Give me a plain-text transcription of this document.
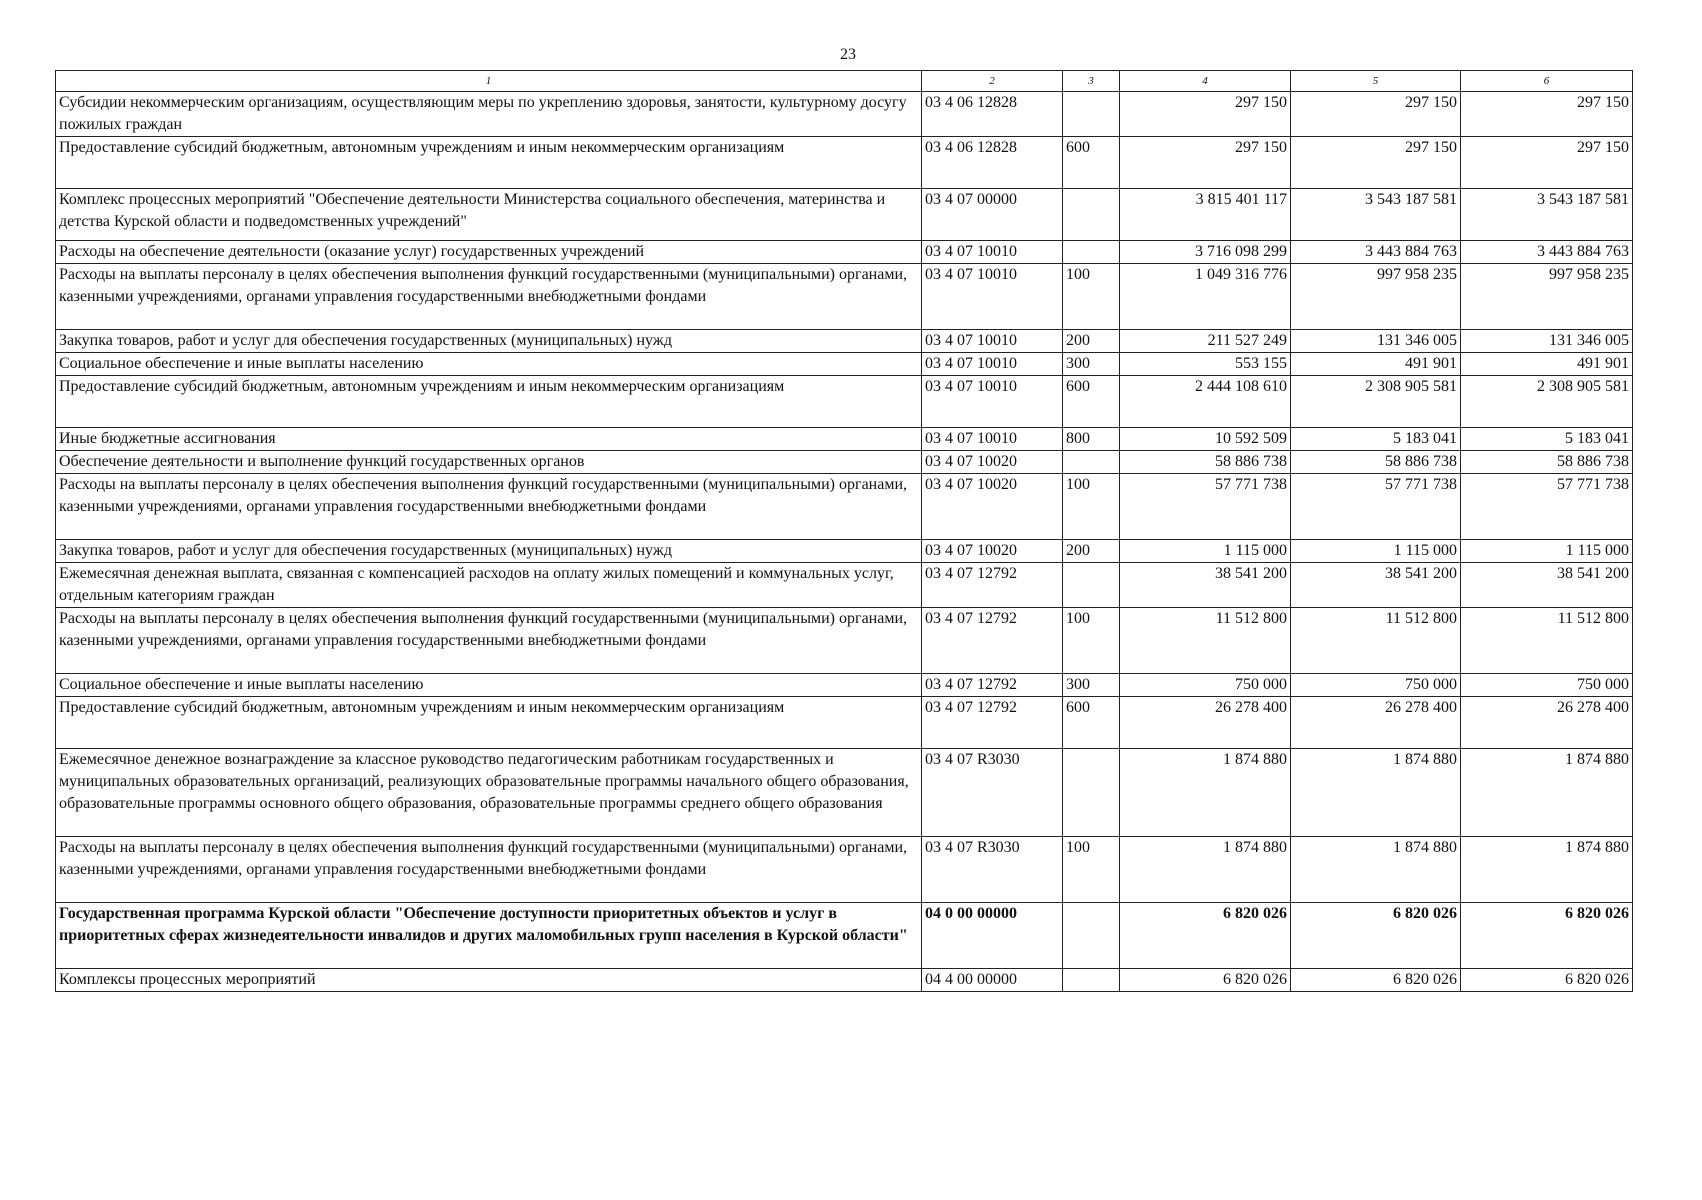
23
1	2	3	4	5	6
Субсидии некоммерческим организациям, осуществляющим меры по укреплению здоровья, занятости, культурному досугу пожилых граждан	03 4 06 12828		297 150	297 150	297 150
Предоставление субсидий бюджетным, автономным учреждениям и иным некоммерческим организациям	03 4 06 12828	600	297 150	297 150	297 150
Комплекс процессных мероприятий "Обеспечение деятельности Министерства социального обеспечения, материнства и детства Курской области и подведомственных учреждений"	03 4 07 00000		3 815 401 117	3 543 187 581	3 543 187 581
Расходы на обеспечение деятельности (оказание услуг) государственных учреждений	03 4 07 10010		3 716 098 299	3 443 884 763	3 443 884 763
Расходы на выплаты персоналу в целях обеспечения выполнения функций государственными (муниципальными) органами, казенными учреждениями, органами управления государственными внебюджетными фондами	03 4 07 10010	100	1 049 316 776	997 958 235	997 958 235
Закупка товаров, работ и услуг для обеспечения государственных (муниципальных) нужд	03 4 07 10010	200	211 527 249	131 346 005	131 346 005
Социальное обеспечение и иные выплаты населению	03 4 07 10010	300	553 155	491 901	491 901
Предоставление субсидий бюджетным, автономным учреждениям и иным некоммерческим организациям	03 4 07 10010	600	2 444 108 610	2 308 905 581	2 308 905 581
Иные бюджетные ассигнования	03 4 07 10010	800	10 592 509	5 183 041	5 183 041
Обеспечение деятельности и выполнение функций государственных органов	03 4 07 10020		58 886 738	58 886 738	58 886 738
Расходы на выплаты персоналу в целях обеспечения выполнения функций государственными (муниципальными) органами, казенными учреждениями, органами управления государственными внебюджетными фондами	03 4 07 10020	100	57 771 738	57 771 738	57 771 738
Закупка товаров, работ и услуг для обеспечения государственных (муниципальных) нужд	03 4 07 10020	200	1 115 000	1 115 000	1 115 000
Ежемесячная денежная выплата, связанная с компенсацией расходов на оплату жилых помещений и коммунальных услуг, отдельным категориям граждан	03 4 07 12792		38 541 200	38 541 200	38 541 200
Расходы на выплаты персоналу в целях обеспечения выполнения функций государственными (муниципальными) органами, казенными учреждениями, органами управления государственными внебюджетными фондами	03 4 07 12792	100	11 512 800	11 512 800	11 512 800
Социальное обеспечение и иные выплаты населению	03 4 07 12792	300	750 000	750 000	750 000
Предоставление субсидий бюджетным, автономным учреждениям и иным некоммерческим организациям	03 4 07 12792	600	26 278 400	26 278 400	26 278 400
Ежемесячное денежное вознаграждение за классное руководство педагогическим работникам государственных и муниципальных образовательных организаций, реализующих образовательные программы начального общего образования, образовательные программы основного общего образования, образовательные программы среднего общего образования	03 4 07 R3030		1 874 880	1 874 880	1 874 880
Расходы на выплаты персоналу в целях обеспечения выполнения функций государственными (муниципальными) органами, казенными учреждениями, органами управления государственными внебюджетными фондами	03 4 07 R3030	100	1 874 880	1 874 880	1 874 880
Государственная программа Курской области "Обеспечение доступности приоритетных объектов и услуг в приоритетных сферах жизнедеятельности инвалидов и других маломобильных групп населения в Курской области"	04 0 00 00000		6 820 026	6 820 026	6 820 026
Комплексы процессных мероприятий	04 4 00 00000		6 820 026	6 820 026	6 820 026
